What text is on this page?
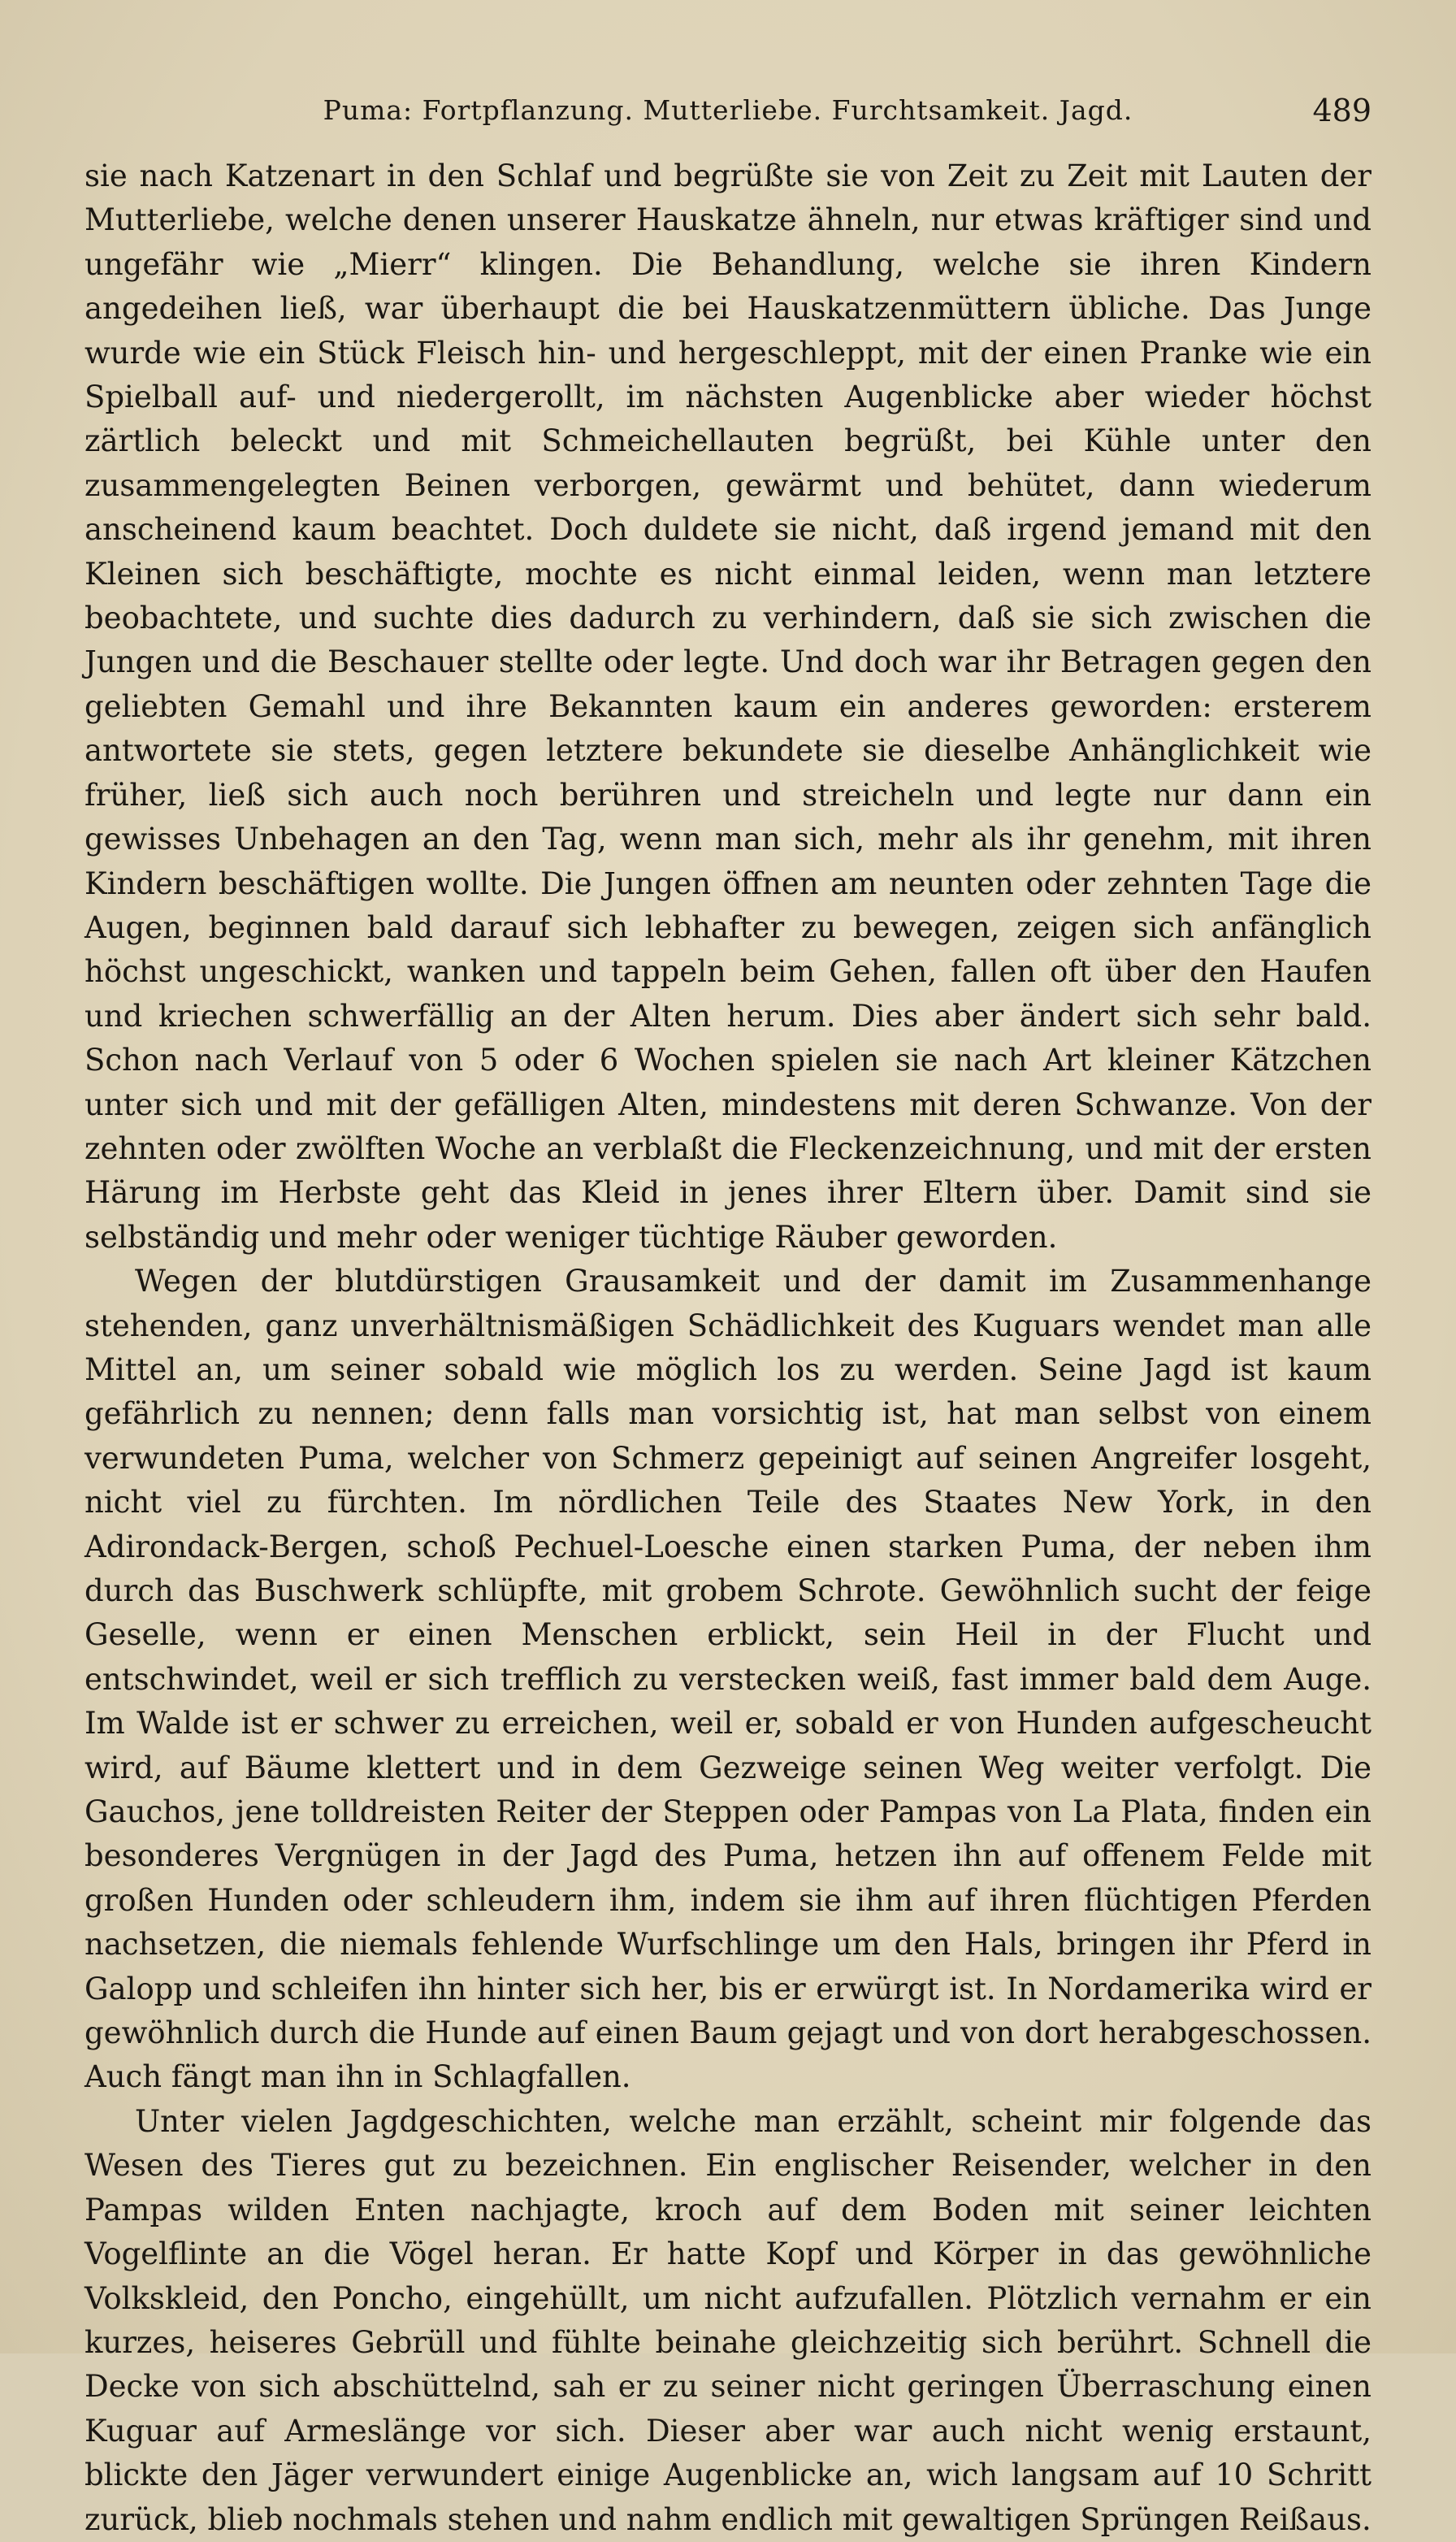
Puma: Fortpflanzung. Mutterliebe. Furchtsamkeit. Jagd.	489

sie nach Katzenart in den Schlaf und begrüßte sie von Zeit zu Zeit mit Lauten der Mutterliebe, welche denen unserer Hauskatze ähneln, nur etwas kräftiger sind und ungefähr wie „Mierr“ klingen. Die Behandlung, welche sie ihren Kindern angedeihen ließ, war überhaupt die bei Hauskatzenmüttern übliche. Das Junge wurde wie ein Stück Fleisch hin- und hergeschleppt, mit der einen Pranke wie ein Spielball auf- und niedergerollt, im nächsten Augenblicke aber wieder höchst zärtlich beleckt und mit Schmeichellauten begrüßt, bei Kühle unter den zusammengelegten Beinen verborgen, gewärmt und behütet, dann wiederum anscheinend kaum beachtet. Doch duldete sie nicht, daß irgend jemand mit den Kleinen sich beschäftigte, mochte es nicht einmal leiden, wenn man letztere beobachtete, und suchte dies dadurch zu verhindern, daß sie sich zwischen die Jungen und die Beschauer stellte oder legte. Und doch war ihr Betragen gegen den geliebten Gemahl und ihre Bekannten kaum ein anderes geworden: ersterem antwortete sie stets, gegen letztere bekundete sie dieselbe Anhänglichkeit wie früher, ließ sich auch noch berühren und streicheln und legte nur dann ein gewisses Unbehagen an den Tag, wenn man sich, mehr als ihr genehm, mit ihren Kindern beschäftigen wollte. Die Jungen öffnen am neunten oder zehnten Tage die Augen, beginnen bald darauf sich lebhafter zu bewegen, zeigen sich anfänglich höchst ungeschickt, wanken und tappeln beim Gehen, fallen oft über den Haufen und kriechen schwerfällig an der Alten herum. Dies aber ändert sich sehr bald. Schon nach Verlauf von 5 oder 6 Wochen spielen sie nach Art kleiner Kätzchen unter sich und mit der gefälligen Alten, mindestens mit deren Schwanze. Von der zehnten oder zwölften Woche an verblaßt die Fleckenzeichnung, und mit der ersten Härung im Herbste geht das Kleid in jenes ihrer Eltern über. Damit sind sie selbständig und mehr oder weniger tüchtige Räuber geworden.

Wegen der blutdürstigen Grausamkeit und der damit im Zusammenhange stehenden, ganz unverhältnismäßigen Schädlichkeit des Kuguars wendet man alle Mittel an, um seiner sobald wie möglich los zu werden. Seine Jagd ist kaum gefährlich zu nennen; denn falls man vorsichtig ist, hat man selbst von einem verwundeten Puma, welcher von Schmerz gepeinigt auf seinen Angreifer losgeht, nicht viel zu fürchten. Im nördlichen Teile des Staates New York, in den Adirondack-Bergen, schoß Pechuel-Loesche einen starken Puma, der neben ihm durch das Buschwerk schlüpfte, mit grobem Schrote. Gewöhnlich sucht der feige Geselle, wenn er einen Menschen erblickt, sein Heil in der Flucht und entschwindet, weil er sich trefflich zu verstecken weiß, fast immer bald dem Auge. Im Walde ist er schwer zu erreichen, weil er, sobald er von Hunden aufgescheucht wird, auf Bäume klettert und in dem Gezweige seinen Weg weiter verfolgt. Die Gauchos, jene tolldreisten Reiter der Steppen oder Pampas von La Plata, finden ein besonderes Vergnügen in der Jagd des Puma, hetzen ihn auf offenem Felde mit großen Hunden oder schleudern ihm, indem sie ihm auf ihren flüchtigen Pferden nachsetzen, die niemals fehlende Wurfschlinge um den Hals, bringen ihr Pferd in Galopp und schleifen ihn hinter sich her, bis er erwürgt ist. In Nordamerika wird er gewöhnlich durch die Hunde auf einen Baum gejagt und von dort herabgeschossen. Auch fängt man ihn in Schlagfallen.

Unter vielen Jagdgeschichten, welche man erzählt, scheint mir folgende das Wesen des Tieres gut zu bezeichnen. Ein englischer Reisender, welcher in den Pampas wilden Enten nachjagte, kroch auf dem Boden mit seiner leichten Vogelflinte an die Vögel heran. Er hatte Kopf und Körper in das gewöhnliche Volkskleid, den Poncho, eingehüllt, um nicht aufzufallen. Plötzlich vernahm er ein kurzes, heiseres Gebrüll und fühlte beinahe gleichzeitig sich berührt. Schnell die Decke von sich abschüttelnd, sah er zu seiner nicht geringen Überraschung einen Kuguar auf Armeslänge vor sich. Dieser aber war auch nicht wenig erstaunt, blickte den Jäger verwundert einige Augenblicke an, wich langsam auf 10 Schritt zurück, blieb nochmals stehen und nahm endlich mit gewaltigen Sprüngen Reißaus.
